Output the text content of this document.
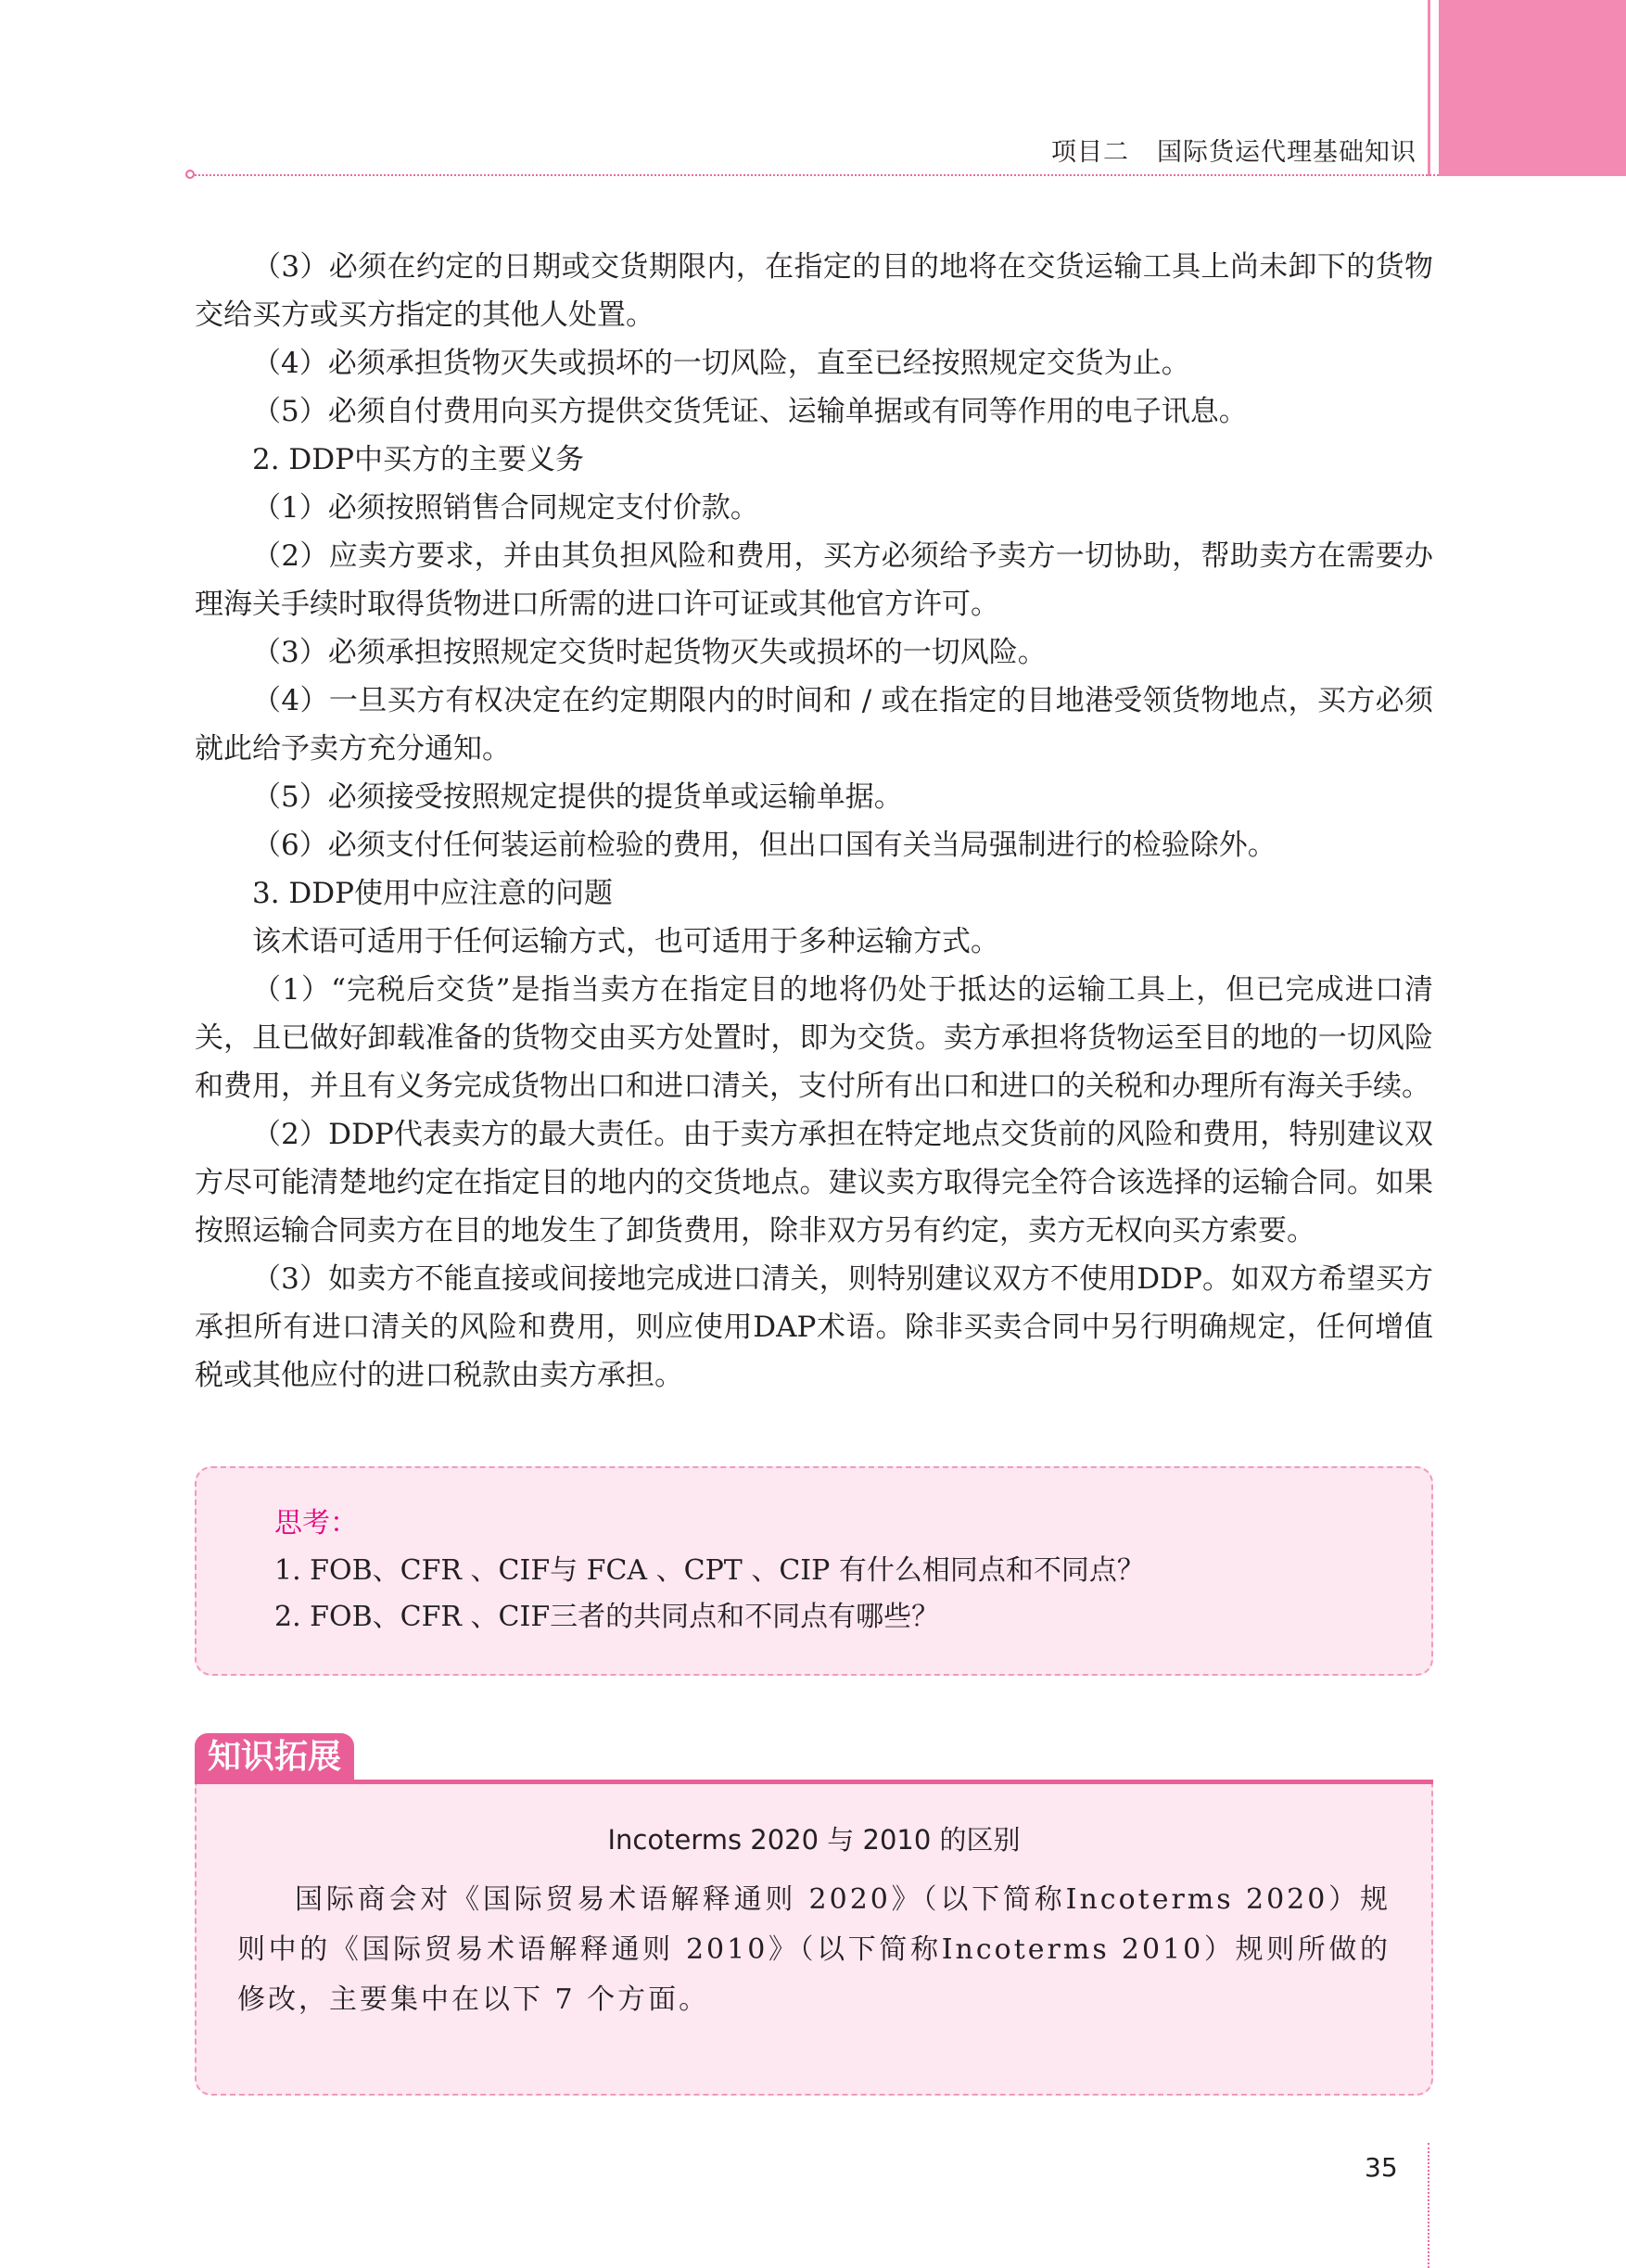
项目二 国际货运代理基础知识

（3）必须在约定的日期或交货期限内，在指定的目的地将在交货运输工具上尚未卸下的货物交给买方或买方指定的其他人处置。

（4）必须承担货物灭失或损坏的一切风险，直至已经按照规定交货为止。

（5）必须自付费用向买方提供交货凭证、运输单据或有同等作用的电子讯息。

2. DDP中买方的主要义务

（1）必须按照销售合同规定支付价款。

（2）应卖方要求，并由其负担风险和费用，买方必须给予卖方一切协助，帮助卖方在需要办理海关手续时取得货物进口所需的进口许可证或其他官方许可。

（3）必须承担按照规定交货时起货物灭失或损坏的一切风险。

（4）一旦买方有权决定在约定期限内的时间和 / 或在指定的目地港受领货物地点，买方必须就此给予卖方充分通知。

（5）必须接受按照规定提供的提货单或运输单据。

（6）必须支付任何装运前检验的费用，但出口国有关当局强制进行的检验除外。

3. DDP使用中应注意的问题

该术语可适用于任何运输方式，也可适用于多种运输方式。

（1）“完税后交货”是指当卖方在指定目的地将仍处于抵达的运输工具上，但已完成进口清关，且已做好卸载准备的货物交由买方处置时，即为交货。卖方承担将货物运至目的地的一切风险和费用，并且有义务完成货物出口和进口清关，支付所有出口和进口的关税和办理所有海关手续。

（2）DDP代表卖方的最大责任。由于卖方承担在特定地点交货前的风险和费用，特别建议双方尽可能清楚地约定在指定目的地内的交货地点。建议卖方取得完全符合该选择的运输合同。如果按照运输合同卖方在目的地发生了卸货费用，除非双方另有约定，卖方无权向买方索要。

（3）如卖方不能直接或间接地完成进口清关，则特别建议双方不使用DDP。如双方希望买方承担所有进口清关的风险和费用，则应使用DAP术语。除非买卖合同中另行明确规定，任何增值税或其他应付的进口税款由卖方承担。

思考：

1. FOB、CFR 、CIF与 FCA 、CPT 、CIP 有什么相同点和不同点？

2. FOB、CFR 、CIF三者的共同点和不同点有哪些？

知识拓展

Incoterms 2020 与 2010 的区别

国际商会对《国际贸易术语解释通则 2020》（以下简称Incoterms 2020）规则中的《国际贸易术语解释通则 2010》（以下简称Incoterms 2010）规则所做的修改，主要集中在以下 7 个方面。

35
